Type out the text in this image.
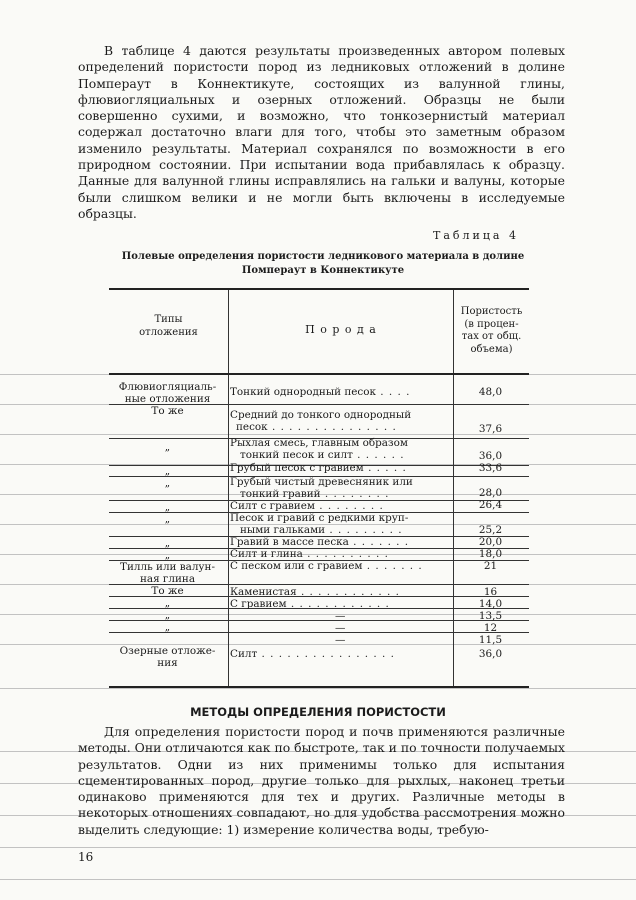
В таблице 4 даются результаты произведенных автором полевых определений пористости пород из ледниковых отложений в долине Помпераут в Коннектикуте, состоящих из валунной глины, флювиогляциальных и озерных отложений. Образцы не были совершенно сухими, и возможно, что тонкозернистый материал содержал достаточно влаги для того, чтобы это заметным образом изменило результаты. Материал сохранялся по возможности в его природном состоянии. При испытании вода прибавлялась к образцу. Данные для валунной глины исправлялись на гальки и валуны, которые были слишком велики и не могли быть включены в исследуемые образцы.

Таблица 4
Полевые определения пористости ледникового материала в долине
Помпераут в Коннектикуте
Типы
отложения	П о р о д а
Пористость
(в процен-
тах от общ.
объема)
Флювиогляциаль-
ные отложения
То же
„
„
„
„
„
„
„
Тилль или валун-
ная глина
То же
„
„
„
Озерные отложе-
ния
Тонкий однородный песок . . . .
Средний до тонкого однородный
песок . . . . . . . . . . . . . . .
Рыхлая смесь, главным образом
тонкий песок и силт . . . . . .
Грубый песок с гравием . . . . .
Грубый чистый древесняник или
тонкий гравий . . . . . . . .
Силт с гравием . . . . . . . .
Песок и гравий с редкими круп-
ными гальками . . . . . . . . .
Гравий в массе песка . . . . . . .
Силт и глина . . . . . . . . . .
С песком или с гравием . . . . . . .
Каменистая . . . . . . . . . . . .
С гравием . . . . . . . . . . . .
—
—
—
Силт . . . . . . . . . . . . . . . .
48,0
37,6
36,0
33,6
28,0
26,4
25,2
20,0
18,0
21
16
14,0
13,5
12
11,5
36,0
МЕТОДЫ ОПРЕДЕЛЕНИЯ ПОРИСТОСТИ

Для определения пористости пород и почв применяются различные методы. Они отличаются как по быстроте, так и по точности получаемых результатов. Одни из них применимы только для испытания сцементированных пород, другие только для рыхлых, наконец третьи одинаково применяются для тех и других. Различные методы в некоторых отношениях совпадают, но для удобства рассмотрения можно выделить следующие: 1) измерение количества воды, требую-

16
